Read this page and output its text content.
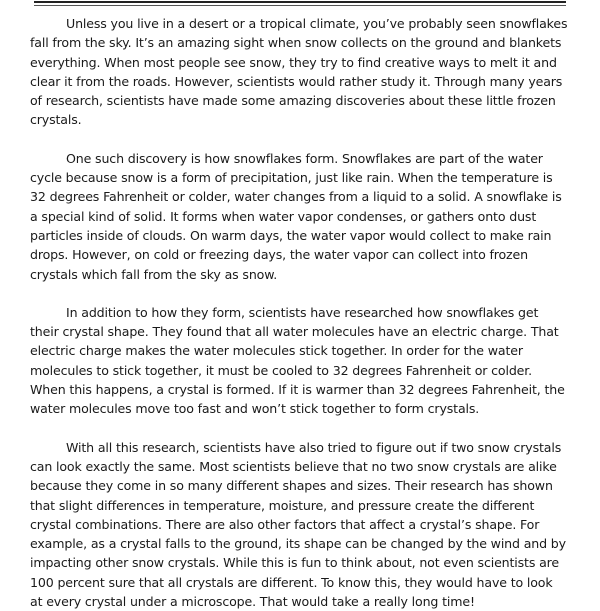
Unless you live in a desert or a tropical climate, you’ve probably seen snowflakes fall from the sky. It’s an amazing sight when snow collects on the ground and blankets everything. When most people see snow, they try to find creative ways to melt it and clear it from the roads. However, scientists would rather study it. Through many years of research, scientists have made some amazing discoveries about these little frozen crystals.

One such discovery is how snowflakes form. Snowflakes are part of the water cycle because snow is a form of precipitation, just like rain. When the temperature is 32 degrees Fahrenheit or colder, water changes from a liquid to a solid. A snowflake is a special kind of solid. It forms when water vapor condenses, or gathers onto dust particles inside of clouds. On warm days, the water vapor would collect to make rain drops. However, on cold or freezing days, the water vapor can collect into frozen crystals which fall from the sky as snow.

In addition to how they form, scientists have researched how snowflakes get their crystal shape. They found that all water molecules have an electric charge. That electric charge makes the water molecules stick together. In order for the water molecules to stick together, it must be cooled to 32 degrees Fahrenheit or colder. When this happens, a crystal is formed. If it is warmer than 32 degrees Fahrenheit, the water molecules move too fast and won’t stick together to form crystals.

With all this research, scientists have also tried to figure out if two snow crystals can look exactly the same. Most scientists believe that no two snow crystals are alike because they come in so many different shapes and sizes. Their research has shown that slight differences in temperature, moisture, and pressure create the different crystal combinations. There are also other factors that affect a crystal’s shape. For example, as a crystal falls to the ground, its shape can be changed by the wind and by impacting other snow crystals. While this is fun to think about, not even scientists are 100 percent sure that all crystals are different. To know this, they would have to look at every crystal under a microscope. That would take a really long time!
